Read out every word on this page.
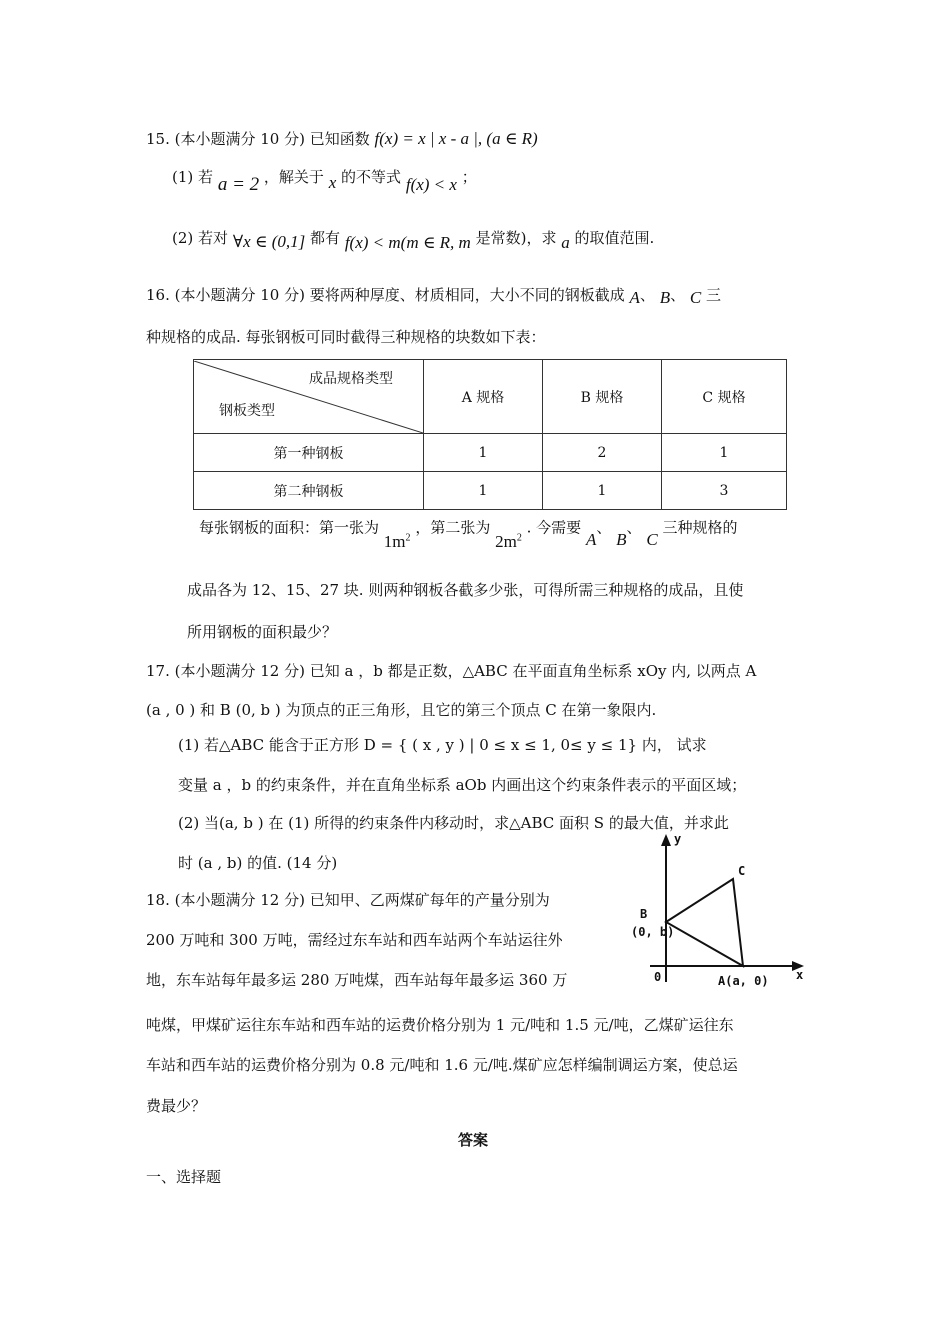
15. (本小题满分 10 分) 已知函数 f(x) = x | x - a |, (a ∈ R)
(1) 若 a = 2 ，解关于 x 的不等式 f(x) < x ；
(2) 若对 ∀x ∈ (0,1] 都有 f(x) < m(m ∈ R, m 是常数)，求 a 的取值范围.
16. (本小题满分 10 分) 要将两种厚度、材质相同，大小不同的钢板截成 A、 B、 C 三
种规格的成品. 每张钢板可同时截得三种规格的块数如下表：
成品规格类型
钢板类型	A 规格	B 规格	C 规格
第一种钢板	1	2	1
第二种钢板	1	1	3
每张钢板的面积：第一张为 $1m^2$ ，第二张为 $2m^2$ . 今需要 A、 B、 C 三种规格的
成品各为 12、15、27 块. 则两种钢板各截多少张，可得所需三种规格的成品，且使
所用钢板的面积最少？
17. (本小题满分 12 分) 已知 a ，b 都是正数，△ABC 在平面直角坐标系 xOy 内, 以两点 A
(a , 0 ) 和 B (0, b ) 为顶点的正三角形，且它的第三个顶点 C 在第一象限内.
(1) 若△ABC 能含于正方形 D = { ( x , y ) | 0 ≤ x ≤ 1, 0≤ y ≤ 1} 内， 试求
变量 a ，b 的约束条件，并在直角坐标系 aOb 内画出这个约束条件表示的平面区域；
(2) 当(a, b ) 在 (1) 所得的约束条件内移动时，求△ABC 面积 S 的最大值，并求此
时 (a , b) 的值. (14 分)
y
x
C
B
(0, b)
0	A(a, 0)
18. (本小题满分 12 分) 已知甲、乙两煤矿每年的产量分别为
200 万吨和 300 万吨，需经过东车站和西车站两个车站运往外
地，东车站每年最多运 280 万吨煤，西车站每年最多运 360 万
吨煤，甲煤矿运往东车站和西车站的运费价格分别为 1 元/吨和 1.5 元/吨，乙煤矿运往东
车站和西车站的运费价格分别为 0.8 元/吨和 1.6 元/吨.煤矿应怎样编制调运方案，使总运
费最少？
答案
一、选择题
